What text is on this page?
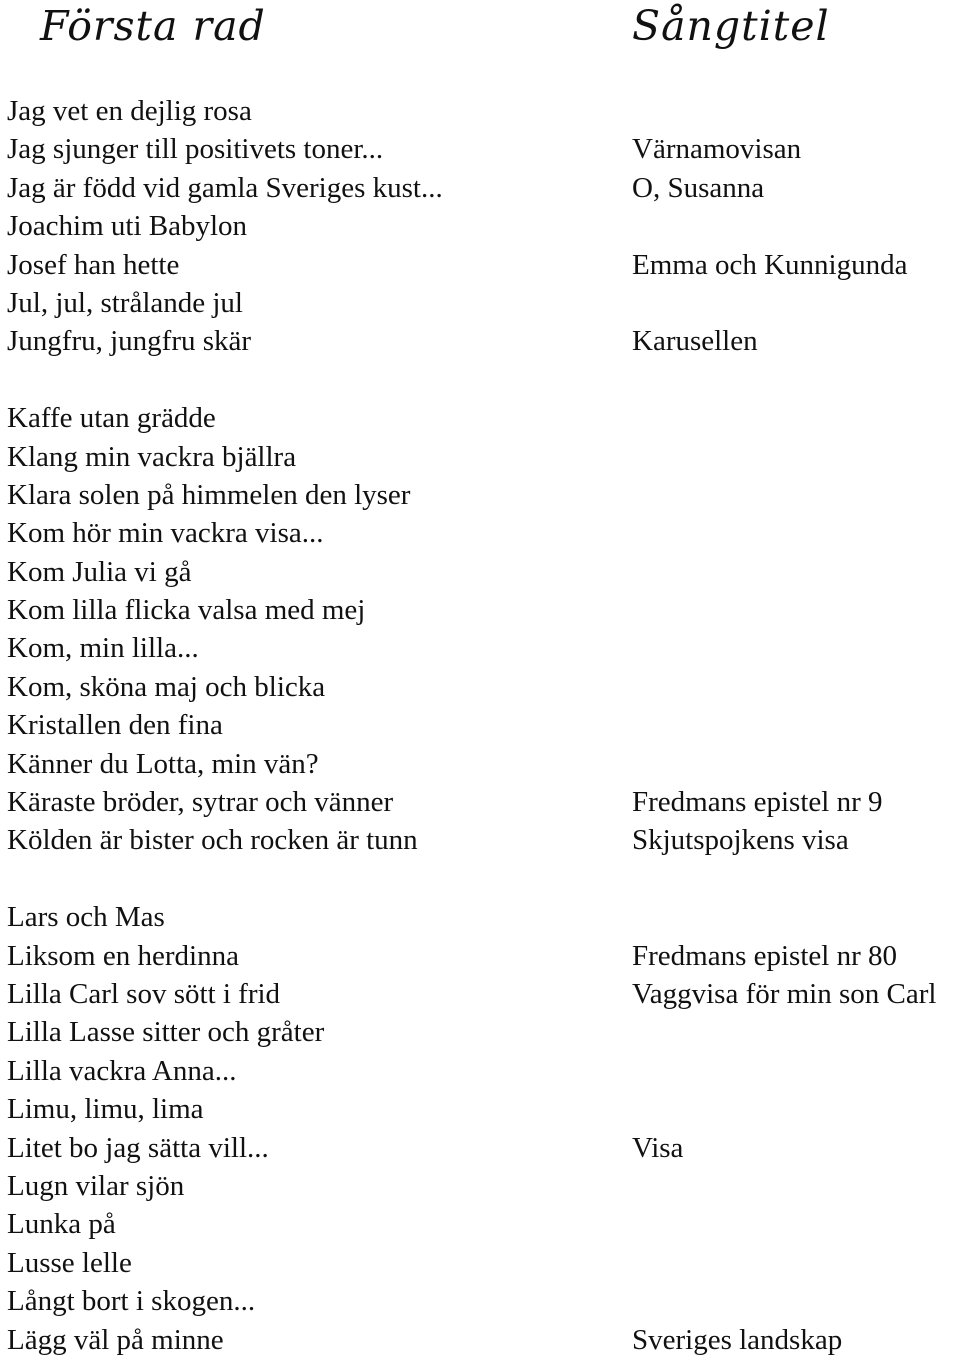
Första rad	Sångtitel
Jag vet en dejlig rosa
Jag sjunger till positivets toner...	Värnamovisan
Jag är född vid gamla Sveriges kust...	O, Susanna
Joachim uti Babylon
Josef han hette	Emma och Kunnigunda
Jul, jul, strålande jul
Jungfru, jungfru skär	Karusellen
Kaffe utan grädde
Klang min vackra bjällra
Klara solen på himmelen den lyser
Kom hör min vackra visa...
Kom Julia vi gå
Kom lilla flicka valsa med mej
Kom, min lilla...
Kom, sköna maj och blicka
Kristallen den fina
Känner du Lotta, min vän?
Käraste bröder, sytrar och vänner	Fredmans epistel nr 9
Kölden är bister och rocken är tunn	Skjutspojkens visa
Lars och Mas
Liksom en herdinna	Fredmans epistel nr 80
Lilla Carl sov sött i frid	Vaggvisa för min son Carl
Lilla Lasse sitter och gråter
Lilla vackra Anna...
Limu, limu, lima
Litet bo jag sätta vill...	Visa
Lugn vilar sjön
Lunka på
Lusse lelle
Långt bort i skogen...
Lägg väl på minne	Sveriges landskap
